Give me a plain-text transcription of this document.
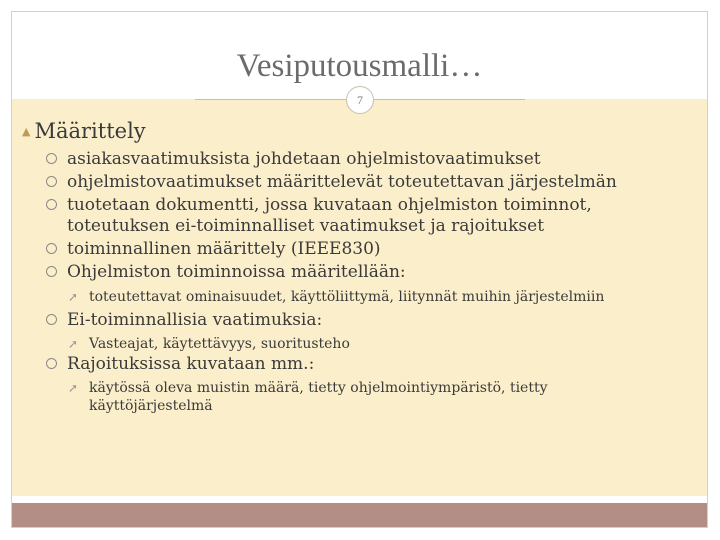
Vesiputousmalli…
7
▲ Määrittely
asiakasvaatimuksista johdetaan ohjelmistovaatimukset
ohjelmistovaatimukset määrittelevät toteutettavan järjestelmän
tuotetaan dokumentti, jossa kuvataan ohjelmiston toiminnot, toteutuksen ei-toiminnalliset vaatimukset ja rajoitukset
toiminnallinen määrittely (IEEE830)
Ohjelmiston toiminnoissa määritellään:
➚ toteutettavat ominaisuudet, käyttöliittymä, liitynnät muihin järjestelmiin
Ei-toiminnallisia vaatimuksia:
➚ Vasteajat, käytettävyys, suoritusteho
Rajoituksissa kuvataan mm.:
➚ käytössä oleva muistin määrä, tietty ohjelmointiympäristö, tietty käyttöjärjestelmä
